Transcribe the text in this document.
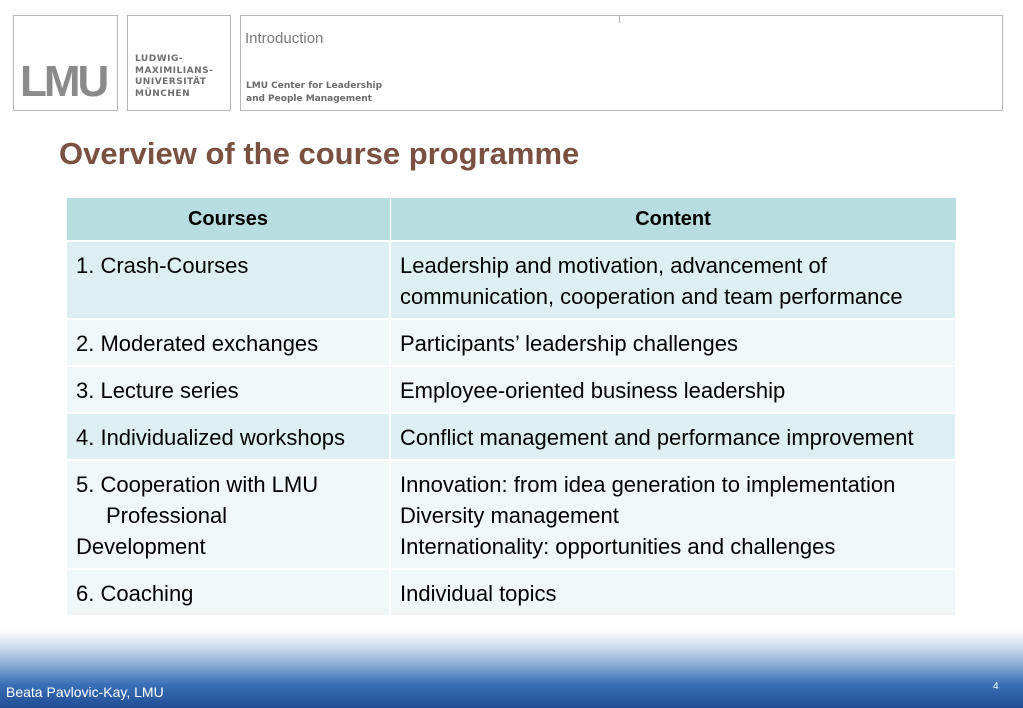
LMU	LUDWIG-
MAXIMILIANS-
UNIVERSITÄT
MÜNCHEN
Introduction
LMU Center for Leadership
and People Management
Overview of the course programme
Beata Pavlovic-Kay, LMU	4
Courses	Content
1. Crash-Courses	Leadership and motivation, advancement of communication, cooperation and team performance
2. Moderated exchanges	Participants’ leadership challenges
3. Lecture series	Employee-oriented business leadership
4. Individualized workshops	Conflict management and performance improvement

5. Cooperation with LMU
Professional
Development	Innovation: from idea generation to implementation
Diversity management
Internationality: opportunities and challenges

6. Coaching	Individual topics
